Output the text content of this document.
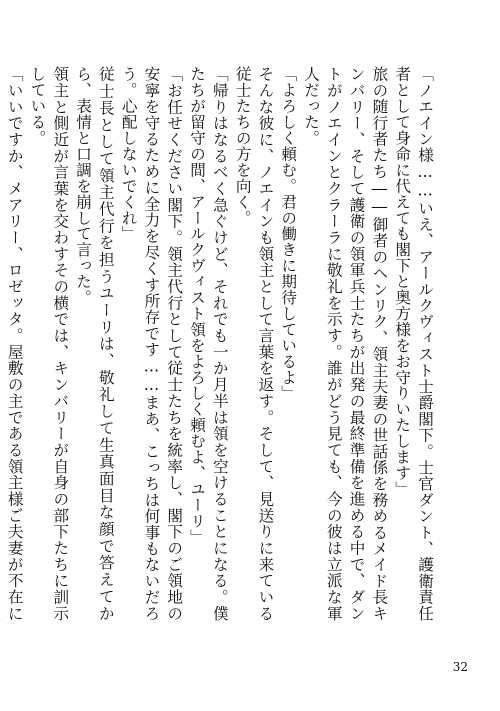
「ノエイン様……いえ、アールクヴィスト士爵閣下。士官ダント、護衛責任者として身命に代えても閣下と奥方様をお守りいたします」

旅の随行者たち――御者のヘンリク、領主夫妻の世話係を務めるメイド長キンバリー、そして護衛の領軍兵士たちが出発の最終準備を進める中で、ダントがノエインとクラーラに敬礼を示す。誰がどう見ても、今の彼は立派な軍人だった。

「よろしく頼む。君の働きに期待しているよ」

そんな彼に、ノエインも領主として言葉を返す。そして、見送りに来ている従士たちの方を向く。

「帰りはなるべく急ぐけど、それでも一か月半は領を空けることになる。僕たちが留守の間、アールクヴィスト領をよろしく頼むよ、ユーリ」

「お任せください閣下。領主代行として従士たちを統率し、閣下のご領地の安寧を守るために全力を尽くす所存です……まあ、こっちは何事もないだろう。心配しないでくれ」

従士長として領主代行を担うユーリは、敬礼して生真面目な顔で答えてから、表情と口調を崩して言った。

領主と側近が言葉を交わすその横では、キンバリーが自身の部下たちに訓示している。

「いいですか、メアリー、ロゼッタ。屋敷の主である領主様ご夫妻が不在に

32
